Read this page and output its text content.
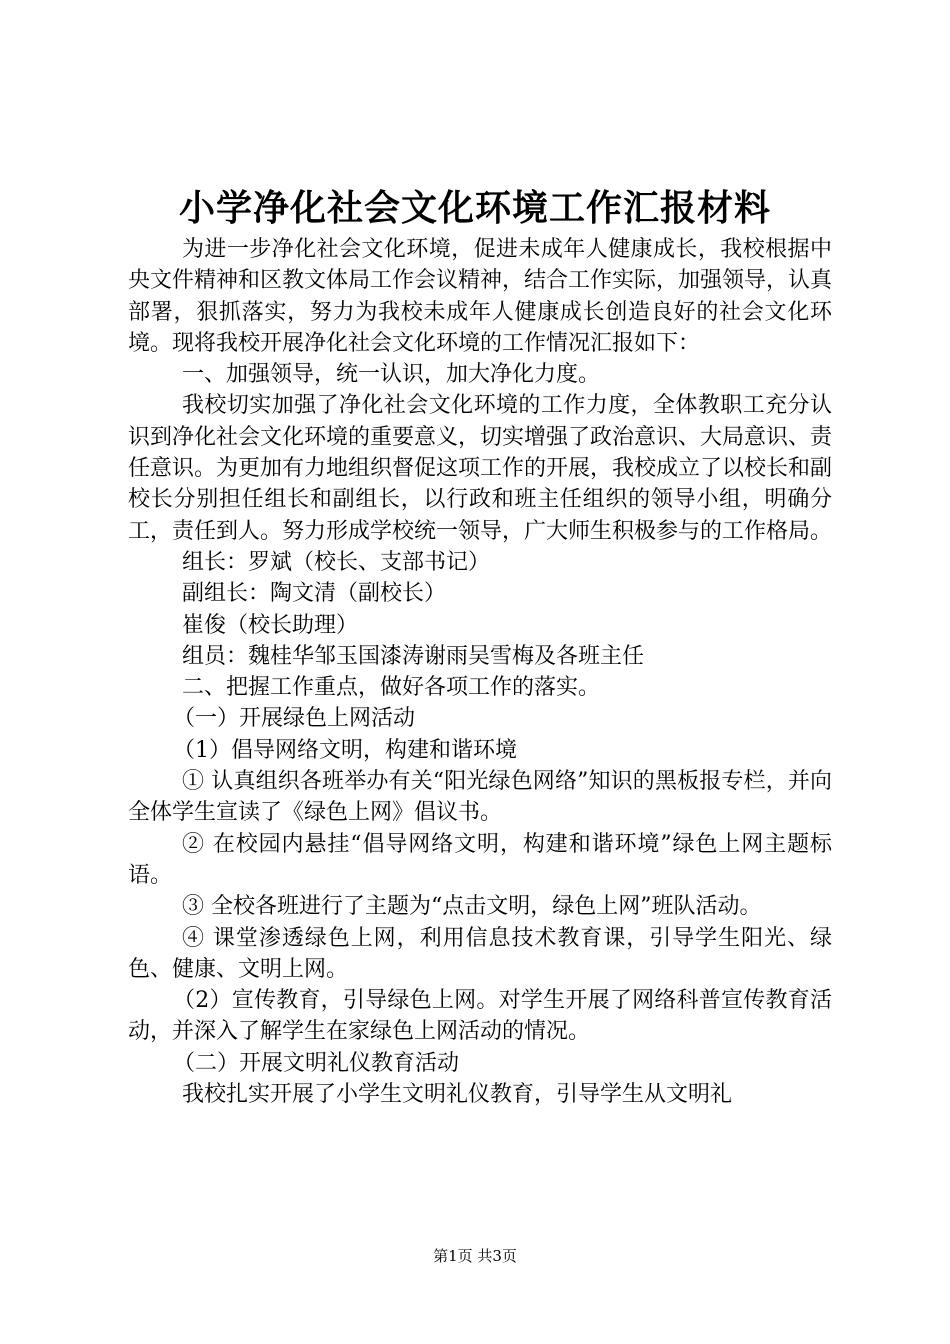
小学净化社会文化环境工作汇报材料

为进一步净化社会文化环境，促进未成年人健康成长，我校根据中央文件精神和区教文体局工作会议精神，结合工作实际，加强领导，认真部署，狠抓落实，努力为我校未成年人健康成长创造良好的社会文化环境。现将我校开展净化社会文化环境的工作情况汇报如下：

一、加强领导，统一认识，加大净化力度。

我校切实加强了净化社会文化环境的工作力度，全体教职工充分认识到净化社会文化环境的重要意义，切实增强了政治意识、大局意识、责任意识。为更加有力地组织督促这项工作的开展，我校成立了以校长和副校长分别担任组长和副组长，以行政和班主任组织的领导小组，明确分工，责任到人。努力形成学校统一领导，广大师生积极参与的工作格局。

组长：罗斌（校长、支部书记）

副组长：陶文清（副校长）

崔俊（校长助理）

组员：魏桂华邹玉国漆涛谢雨吴雪梅及各班主任

二、把握工作重点，做好各项工作的落实。

（一）开展绿色上网活动

（1）倡导网络文明，构建和谐环境

① 认真组织各班举办有关“阳光绿色网络”知识的黑板报专栏，并向全体学生宣读了《绿色上网》倡议书。

② 在校园内悬挂“倡导网络文明，构建和谐环境”绿色上网主题标语。

③ 全校各班进行了主题为“点击文明，绿色上网”班队活动。

④ 课堂渗透绿色上网，利用信息技术教育课，引导学生阳光、绿色、健康、文明上网。

（2）宣传教育，引导绿色上网。对学生开展了网络科普宣传教育活动，并深入了解学生在家绿色上网活动的情况。

（二）开展文明礼仪教育活动

我校扎实开展了小学生文明礼仪教育，引导学生从文明礼

第1页 共3页
